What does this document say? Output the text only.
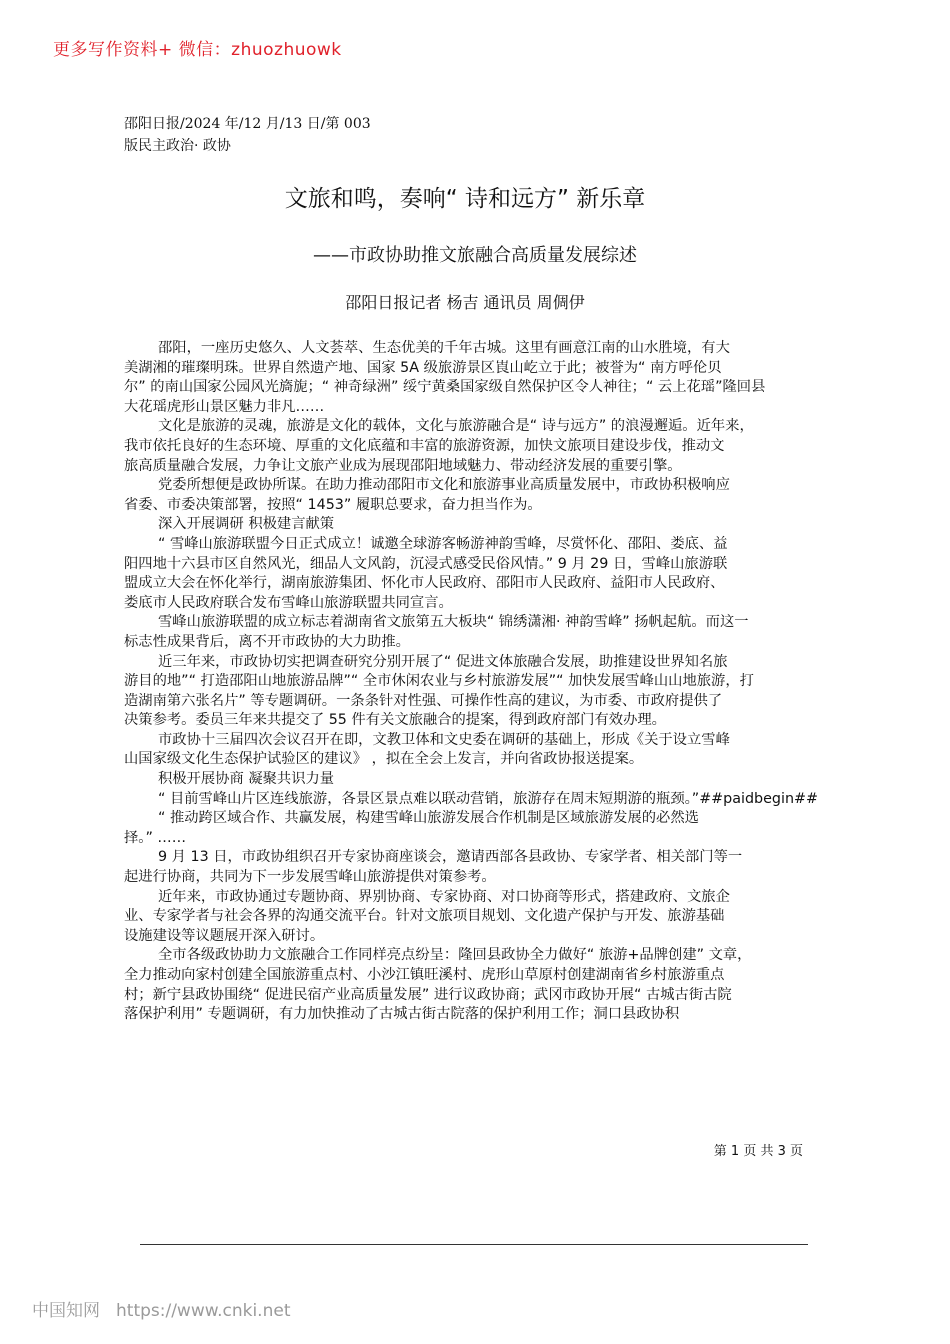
更多写作资料+ 微信：zhuozhuowk
邵阳日报/2024 年/12 月/13 日/第 003
版民主政治· 政协
文旅和鸣，奏响“ 诗和远方” 新乐章
——市政协助推文旅融合高质量发展综述
邵阳日报记者 杨吉 通讯员 周倜伊
邵阳，一座历史悠久、人文荟萃、生态优美的千年古城。这里有画意江南的山水胜境，有大
美湖湘的璀璨明珠。世界自然遗产地、国家 5A 级旅游景区崀山屹立于此；被誉为“ 南方呼伦贝
尔” 的南山国家公园风光旖旎；“ 神奇绿洲” 绥宁黄桑国家级自然保护区令人神往；“ 云上花瑶”隆回县
大花瑶虎形山景区魅力非凡……
文化是旅游的灵魂，旅游是文化的载体，文化与旅游融合是“ 诗与远方” 的浪漫邂逅。近年来，
我市依托良好的生态环境、厚重的文化底蕴和丰富的旅游资源，加快文旅项目建设步伐，推动文
旅高质量融合发展，力争让文旅产业成为展现邵阳地域魅力、带动经济发展的重要引擎。
党委所想便是政协所谋。在助力推动邵阳市文化和旅游事业高质量发展中，市政协积极响应
省委、市委决策部署，按照“ 1453” 履职总要求，奋力担当作为。
深入开展调研 积极建言献策
“ 雪峰山旅游联盟今日正式成立！诚邀全球游客畅游神韵雪峰，尽赏怀化、邵阳、娄底、益
阳四地十六县市区自然风光，细品人文风韵，沉浸式感受民俗风情。” 9 月 29 日，雪峰山旅游联
盟成立大会在怀化举行，湖南旅游集团、怀化市人民政府、邵阳市人民政府、益阳市人民政府、
娄底市人民政府联合发布雪峰山旅游联盟共同宣言。
雪峰山旅游联盟的成立标志着湖南省文旅第五大板块“ 锦绣潇湘· 神韵雪峰” 扬帆起航。而这一
标志性成果背后，离不开市政协的大力助推。
近三年来，市政协切实把调查研究分别开展了“ 促进文体旅融合发展，助推建设世界知名旅
游目的地”“ 打造邵阳山地旅游品牌”“ 全市休闲农业与乡村旅游发展”“ 加快发展雪峰山山地旅游，打
造湖南第六张名片” 等专题调研。一条条针对性强、可操作性高的建议，为市委、市政府提供了
决策参考。委员三年来共提交了 55 件有关文旅融合的提案，得到政府部门有效办理。
市政协十三届四次会议召开在即，文教卫体和文史委在调研的基础上，形成《关于设立雪峰
山国家级文化生态保护试验区的建议》 ，拟在全会上发言，并向省政协报送提案。
积极开展协商 凝聚共识力量
“ 目前雪峰山片区连线旅游，各景区景点难以联动营销，旅游存在周末短期游的瓶颈。”##paidbegin##
“ 推动跨区域合作、共赢发展，构建雪峰山旅游发展合作机制是区域旅游发展的必然选
择。” ……
9 月 13 日，市政协组织召开专家协商座谈会，邀请西部各县政协、专家学者、相关部门等一
起进行协商，共同为下一步发展雪峰山旅游提供对策参考。
近年来，市政协通过专题协商、界别协商、专家协商、对口协商等形式，搭建政府、文旅企
业、专家学者与社会各界的沟通交流平台。针对文旅项目规划、文化遗产保护与开发、旅游基础
设施建设等议题展开深入研讨。
全市各级政协助力文旅融合工作同样亮点纷呈：隆回县政协全力做好“ 旅游+品牌创建” 文章，
全力推动向家村创建全国旅游重点村、小沙江镇旺溪村、虎形山草原村创建湖南省乡村旅游重点
村；新宁县政协围绕“ 促进民宿产业高质量发展” 进行议政协商；武冈市政协开展“ 古城古街古院
落保护利用” 专题调研，有力加快推动了古城古街古院落的保护利用工作；洞口县政协积
第 1 页 共 3 页
中国知网 https://www.cnki.net
